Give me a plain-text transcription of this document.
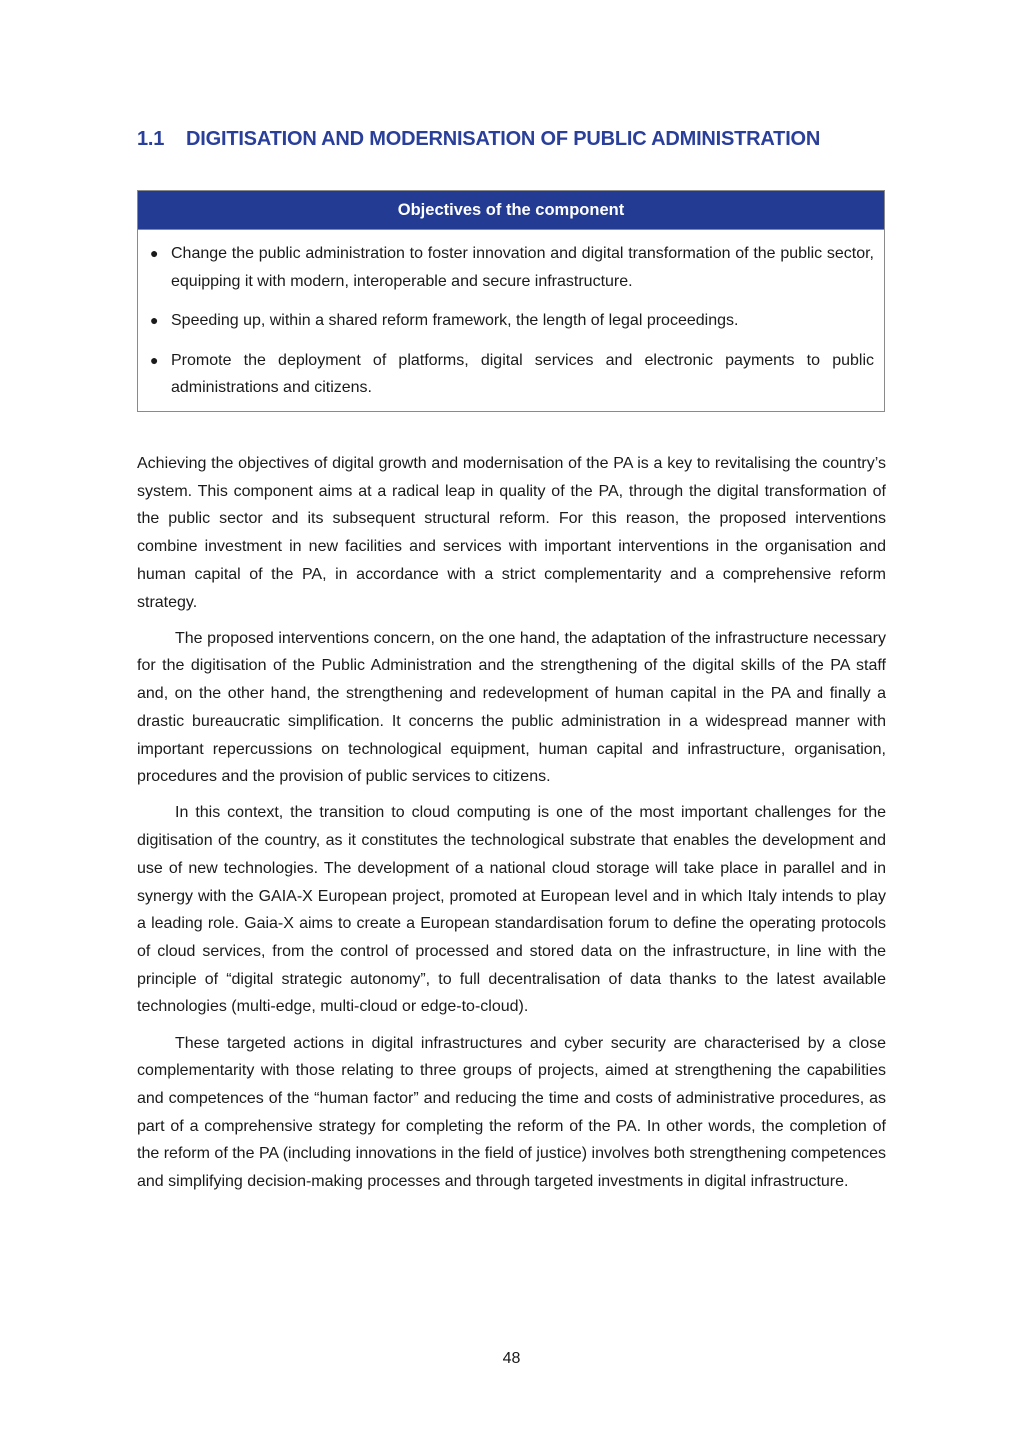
1.1 DIGITISATION AND MODERNISATION OF PUBLIC ADMINISTRATION
Objectives of the component
● Change the public administration to foster innovation and digital transformation of the public sector, equipping it with modern, interoperable and secure infrastructure.
● Speeding up, within a shared reform framework, the length of legal proceedings.
● Promote the deployment of platforms, digital services and electronic payments to public administrations and citizens.

Achieving the objectives of digital growth and modernisation of the PA is a key to revitalising the country’s system. This component aims at a radical leap in quality of the PA, through the digital transformation of the public sector and its subsequent structural reform. For this reason, the proposed interventions combine investment in new facilities and services with important interventions in the organisation and human capital of the PA, in accordance with a strict complementarity and a comprehensive reform strategy.

The proposed interventions concern, on the one hand, the adaptation of the infrastructure necessary for the digitisation of the Public Administration and the strengthening of the digital skills of the PA staff and, on the other hand, the strengthening and redevelopment of human capital in the PA and finally a drastic bureaucratic simplification. It concerns the public administration in a widespread manner with important repercussions on technological equipment, human capital and infrastructure, organisation, procedures and the provision of public services to citizens.

In this context, the transition to cloud computing is one of the most important challenges for the digitisation of the country, as it constitutes the technological substrate that enables the development and use of new technologies. The development of a national cloud storage will take place in parallel and in synergy with the GAIA-X European project, promoted at European level and in which Italy intends to play a leading role. Gaia-X aims to create a European standardisation forum to define the operating protocols of cloud services, from the control of processed and stored data on the infrastructure, in line with the principle of “digital strategic autonomy”, to full decentralisation of data thanks to the latest available technologies (multi-edge, multi-cloud or edge-to-cloud).

These targeted actions in digital infrastructures and cyber security are characterised by a close complementarity with those relating to three groups of projects, aimed at strengthening the capabilities and competences of the “human factor” and reducing the time and costs of administrative procedures, as part of a comprehensive strategy for completing the reform of the PA. In other words, the completion of the reform of the PA (including innovations in the field of justice) involves both strengthening competences and simplifying decision-making processes and through targeted investments in digital infrastructure.

48
